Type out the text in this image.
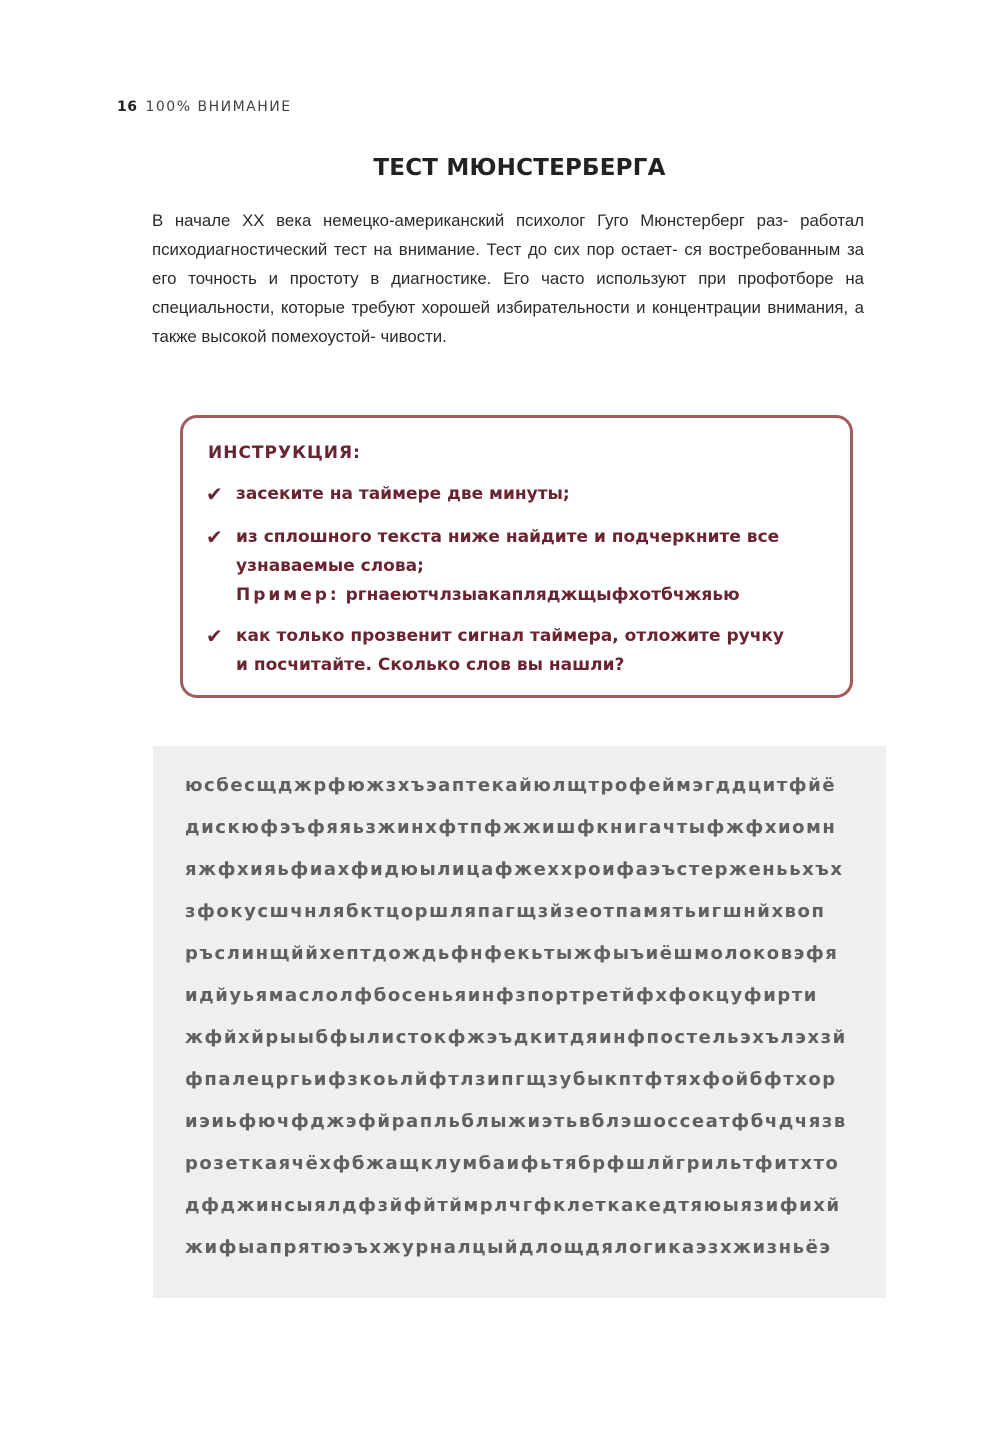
16 100% ВНИМАНИЕ
ТЕСТ МЮНСТЕРБЕРГА

В начале XX века немецко-американский психолог Гуго Мюнстерберг раз- работал психодиагностический тест на внимание. Тест до сих пор остает- ся востребованным за его точность и простоту в диагностике. Его часто используют при профотборе на специальности, которые требуют хорошей избирательности и концентрации внимания, а также высокой помехоустой- чивости.

ИНСТРУКЦИЯ:
✔ засеките на таймере две минуты;
✔ из сплошного текста ниже найдите и подчеркните все
узнаваемые слова;
Пример: ргнаеютчлзыакапляджщыфхотбчжяью
✔ как только прозвенит сигнал таймера, отложите ручку
и посчитайте. Сколько слов вы нашли?
юсбесщджрфюжзхъэаптекайюлщтрофеймэгддцитфйё
дискюфэъфяяьзжинхфтпфжжишфкнигачтыфжфхиомн
яжфхияьфиахфидюылицафжеххроифаэъстерженььхъх
зфокусшчнлябктцоршляпагщзйзеотпамятьигшнйхвоп
ръслинщййхептдождьфнфекьтыжфыъиёшмолоковэфя
идйуьямаслолфбосеньяинфзпортретйфхфокцуфирти
жфйхйрыыбфылистокфжэъдкитдяинфпостельэхълэхзй
фпалецргьифзкоьлйфтлзипгщзубыкптфтяхфойбфтхор
иэиьфючфджэфйрапльблыжиэтьвблэшоссеатфбчдчязв
розеткаячёхфбжащклумбаифьтябрфшлйгрильтфитхто
дфджинсыялдфзйфйтймрлчгфклеткакедтяюыязифихй
жифыапрятюэъхжурналцыйдлощдялогикаэзхжизньёэ
